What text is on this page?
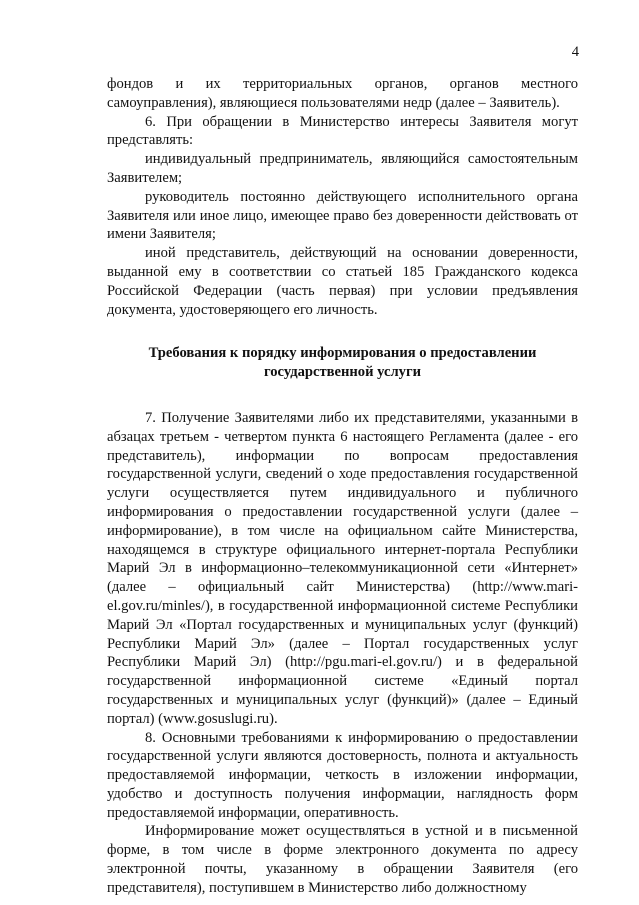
4

фондов и их территориальных органов, органов местного самоуправления), являющиеся пользователями недр (далее – Заявитель).

6. При обращении в Министерство интересы Заявителя могут представлять:

индивидуальный предприниматель, являющийся самостоятельным Заявителем;

руководитель постоянно действующего исполнительного органа Заявителя или иное лицо, имеющее право без доверенности действовать от имени Заявителя;

иной представитель, действующий на основании доверенности, выданной ему в соответствии со статьей 185 Гражданского кодекса Российской Федерации (часть первая) при условии предъявления документа, удостоверяющего его личность.

Требования к порядку информирования о предоставлении
государственной услуги

7. Получение Заявителями либо их представителями, указанными в абзацах третьем - четвертом пункта 6 настоящего Регламента (далее - его представитель), информации по вопросам предоставления государственной услуги, сведений о ходе предоставления государственной услуги осуществляется путем индивидуального и публичного информирования о предоставлении государственной услуги (далее – информирование), в том числе на официальном сайте Министерства, находящемся в структуре официального интернет-портала Республики Марий Эл в информационно–телекоммуникационной сети «Интернет» (далее – официальный сайт Министерства) (http://www.mari-el.gov.ru/minles/), в государственной информационной системе Республики Марий Эл «Портал государственных и муниципальных услуг (функций) Республики Марий Эл» (далее – Портал государственных услуг Республики Марий Эл) (http://pgu.mari-el.gov.ru/) и в федеральной государственной информационной системе «Единый портал государственных и муниципальных услуг (функций)» (далее – Единый портал) (www.gosuslugi.ru).

8. Основными требованиями к информированию о предоставлении государственной услуги являются достоверность, полнота и актуальность предоставляемой информации, четкость в изложении информации, удобство и доступность получения информации, наглядность форм предоставляемой информации, оперативность.

Информирование может осуществляться в устной и в письменной форме, в том числе в форме электронного документа по адресу электронной почты, указанному в обращении Заявителя (его представителя), поступившем в Министерство либо должностному
